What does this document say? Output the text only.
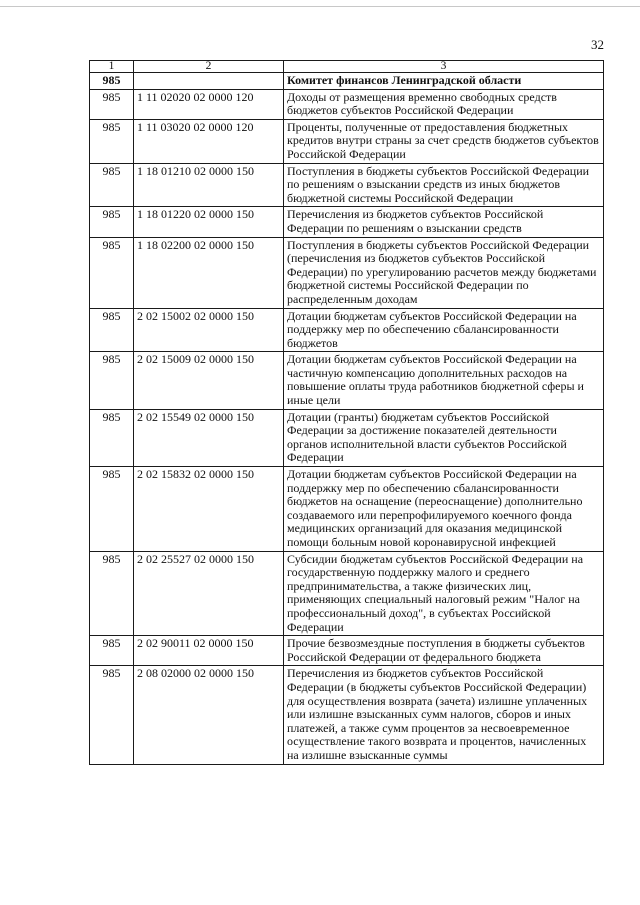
32
1	2	3
985		Комитет финансов Ленинградской области
985	1 11 02020 02 0000 120	Доходы от размещения временно свободных средств бюджетов субъектов Российской Федерации
985	1 11 03020 02 0000 120	Проценты, полученные от предоставления бюджетных кредитов внутри страны за счет средств бюджетов субъектов Российской Федерации
985	1 18 01210 02 0000 150	Поступления в бюджеты субъектов Российской Федерации по решениям о взыскании средств из иных бюджетов бюджетной системы Российской Федерации
985	1 18 01220 02 0000 150	Перечисления из бюджетов субъектов Российской Федерации по решениям о взыскании средств
985	1 18 02200 02 0000 150	Поступления в бюджеты субъектов Российской Федерации (перечисления из бюджетов субъектов Российской Федерации) по урегулированию расчетов между бюджетами бюджетной системы Российской Федерации по распределенным доходам
985	2 02 15002 02 0000 150	Дотации бюджетам субъектов Российской Федерации на поддержку мер по обеспечению сбалансированности бюджетов
985	2 02 15009 02 0000 150	Дотации бюджетам субъектов Российской Федерации на частичную компенсацию дополнительных расходов на повышение оплаты труда работников бюджетной сферы и иные цели
985	2 02 15549 02 0000 150	Дотации (гранты) бюджетам субъектов Российской Федерации за достижение показателей деятельности органов исполнительной власти субъектов Российской Федерации
985	2 02 15832 02 0000 150	Дотации бюджетам субъектов Российской Федерации на поддержку мер по обеспечению сбалансированности бюджетов на оснащение (переоснащение) дополнительно создаваемого или перепрофилируемого коечного фонда медицинских организаций для оказания медицинской помощи больным новой коронавирусной инфекцией
985	2 02 25527 02 0000 150	Субсидии бюджетам субъектов Российской Федерации на государственную поддержку малого и среднего предпринимательства, а также физических лиц, применяющих специальный налоговый режим "Налог на профессиональный доход", в субъектах Российской Федерации
985	2 02 90011 02 0000 150	Прочие безвозмездные поступления в бюджеты субъектов Российской Федерации от федерального бюджета
985	2 08 02000 02 0000 150	Перечисления из бюджетов субъектов Российской Федерации (в бюджеты субъектов Российской Федерации) для осуществления возврата (зачета) излишне уплаченных или излишне взысканных сумм налогов, сборов и иных платежей, а также сумм процентов за несвоевременное осуществление такого возврата и процентов, начисленных на излишне взысканные суммы
